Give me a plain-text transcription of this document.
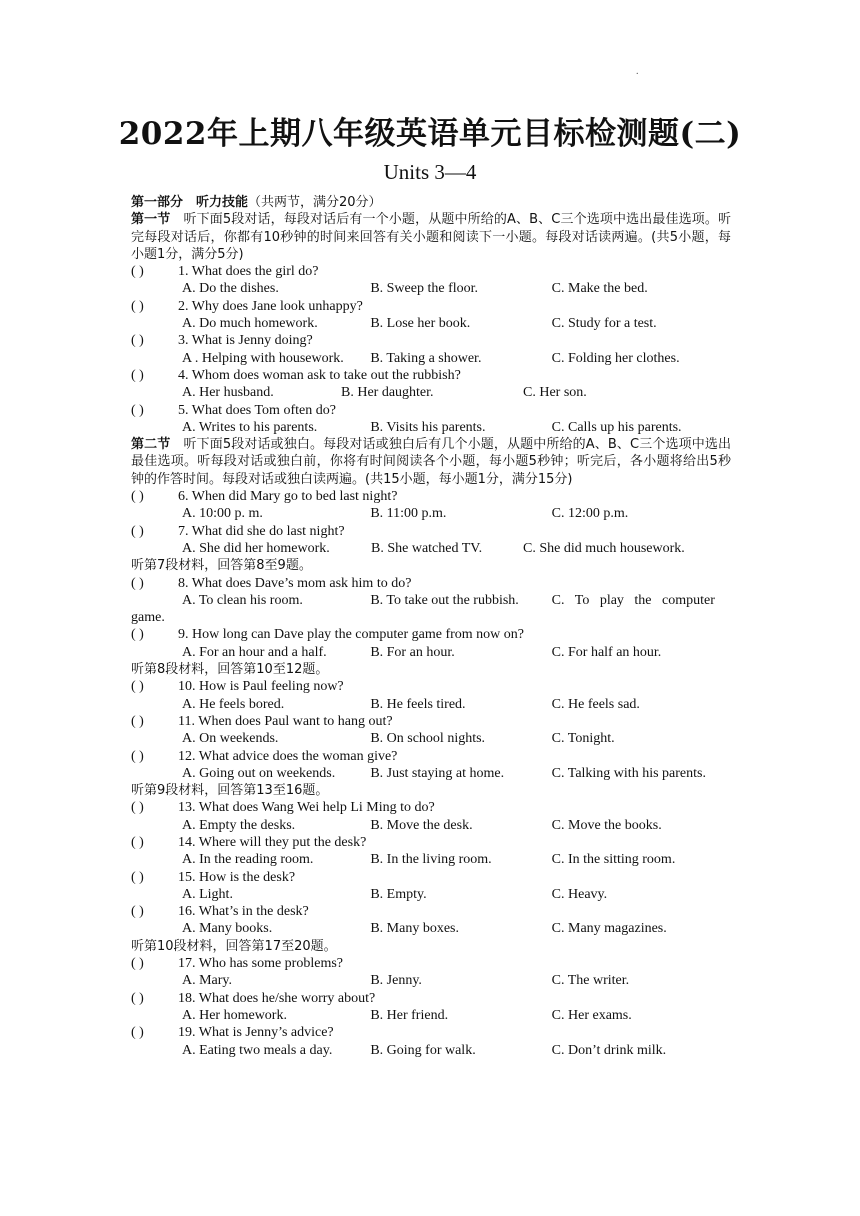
.
2022年上期八年级英语单元目标检测题(二)
Units 3—4
第一部分　听力技能（共两节，满分20分）
第一节　听下面5段对话，每段对话后有一个小题，从题中所给的A、B、C三个选项中选出最佳选项。听完每段对话后，你都有10秒钟的时间来回答有关小题和阅读下一小题。每段对话读两遍。(共5小题，每小题1分，满分5分)
( )	1. What does the girl do?
A. Do the dishes.	B. Sweep the floor.	C. Make the bed.
( )	2. Why does Jane look unhappy?
A. Do much homework.	B. Lose her book.	C. Study for a test.
( )	3. What is Jenny doing?
A . Helping with housework.	B. Taking a shower.	C. Folding her clothes.
( )	4. Whom does woman ask to take out the rubbish?
A. Her husband.	B. Her daughter.	C. Her son.
( )	5. What does Tom often do?
A. Writes to his parents.	B. Visits his parents.	C. Calls up his parents.
第二节　听下面5段对话或独白。每段对话或独白后有几个小题，从题中所给的A、B、C三个选项中选出最佳选项。听每段对话或独白前，你将有时间阅读各个小题，每小题5秒钟；听完后，各小题将给出5秒钟的作答时间。每段对话或独白读两遍。(共15小题，每小题1分，满分15分)
( )	6. When did Mary go to bed last night?
A. 10:00 p. m.	B. 11:00 p.m.	C. 12:00 p.m.
( )	7. What did she do last night?
A. She did her homework.	B. She watched TV.	C. She did much housework.
听第7段材料，回答第8至9题。
( )	8. What does Dave’s mom ask him to do?
A. To clean his room.	B. To take out the rubbish.	C.   To   play   the   computer
game.
( )	9. How long can Dave play the computer game from now on?
A. For an hour and a half.	B. For an hour.	C. For half an hour.
听第8段材料，回答第10至12题。
( )	10. How is Paul feeling now?
A. He feels bored.	B. He feels tired.	C. He feels sad.
( )	11. When does Paul want to hang out?
A. On weekends.	B. On school nights.	C. Tonight.
( )	12. What advice does the woman give?
A. Going out on weekends.	B. Just staying at home.	C. Talking with his parents.
听第9段材料，回答第13至16题。
( )	13. What does Wang Wei help Li Ming to do?
A. Empty the desks.	B. Move the desk.	C. Move the books.
( )	14. Where will they put the desk?
A. In the reading room.	B. In the living room.	C. In the sitting room.
( )	15. How is the desk?
A. Light.	B. Empty.	C. Heavy.
( )	16. What’s in the desk?
A. Many books.	B. Many boxes.	C. Many magazines.
听第10段材料，回答第17至20题。
( )	17. Who has some problems?
A. Mary.	B. Jenny.	C. The writer.
( )	18. What does he/she worry about?
A. Her homework.	B. Her friend.	C. Her exams.
( )	19. What is Jenny’s advice?
A. Eating two meals a day.	B. Going for walk.	C. Don’t drink milk.
